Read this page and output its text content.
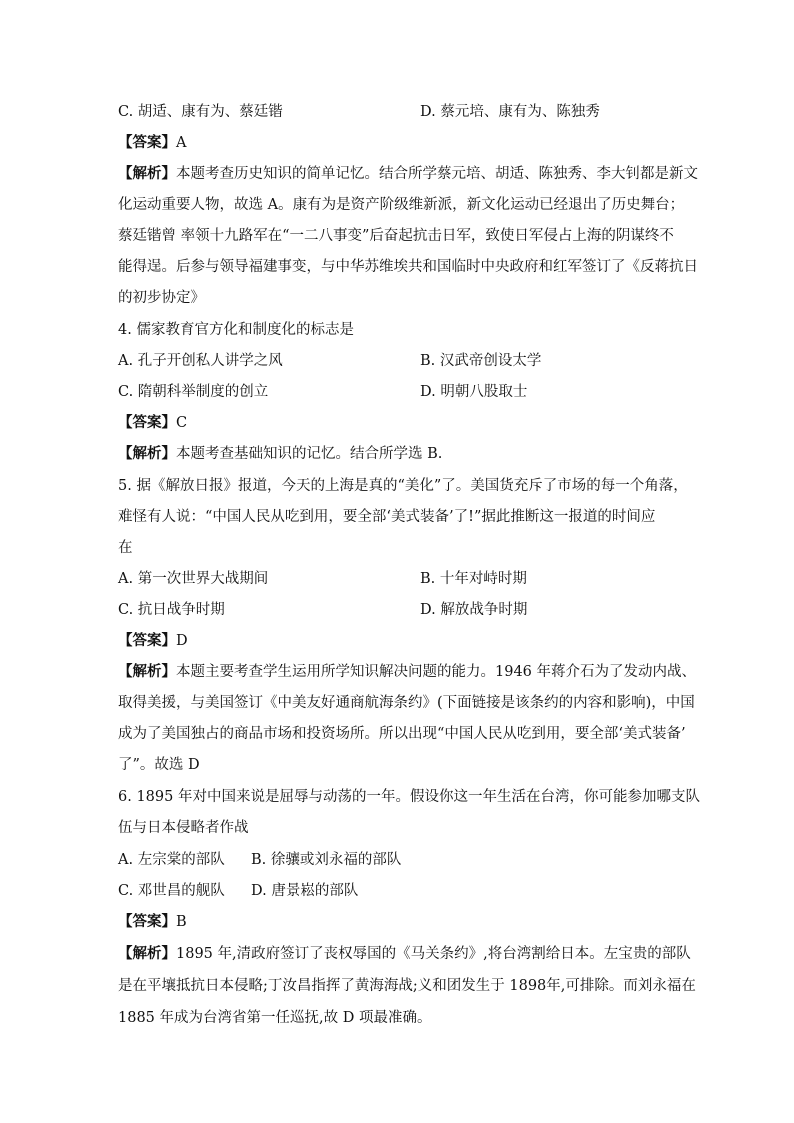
C. 胡适、康有为、蔡廷锴	D. 蔡元培、康有为、陈独秀
【答案】A
【解析】本题考查历史知识的简单记忆。结合所学蔡元培、胡适、陈独秀、李大钊都是新文
化运动重要人物，故选 A。康有为是资产阶级维新派，新文化运动已经退出了历史舞台；
蔡廷锴曾 率领十九路军在“一二八事变”后奋起抗击日军，致使日军侵占上海的阴谋终不
能得逞。后参与领导福建事变，与中华苏维埃共和国临时中央政府和红军签订了《反蒋抗日
的初步协定》
4. 儒家教育官方化和制度化的标志是
A. 孔子开创私人讲学之风	B. 汉武帝创设太学
C. 隋朝科举制度的创立	D. 明朝八股取士
【答案】C
【解析】本题考查基础知识的记忆。结合所学选 B.
5. 据《解放日报》报道，今天的上海是真的“美化”了。美国货充斥了市场的每一个角落，
难怪有人说：“中国人民从吃到用，要全部‘美式装备’了!”据此推断这一报道的时间应
在
A. 第一次世界大战期间	B. 十年对峙时期
C. 抗日战争时期	D. 解放战争时期
【答案】D
【解析】本题主要考查学生运用所学知识解决问题的能力。1946 年蒋介石为了发动内战、
取得美援，与美国签订《中美友好通商航海条约》(下面链接是该条约的内容和影响)，中国
成为了美国独占的商品市场和投资场所。所以出现“中国人民从吃到用，要全部‘美式装备’
了”。故选 D
6. 1895 年对中国来说是屈辱与动荡的一年。假设你这一年生活在台湾，你可能参加哪支队
伍与日本侵略者作战
A. 左宗棠的部队 B. 徐骧或刘永福的部队
C. 邓世昌的舰队 D. 唐景崧的部队
【答案】B
【解析】1895 年,清政府签订了丧权辱国的《马关条约》,将台湾割给日本。左宝贵的部队
是在平壤抵抗日本侵略;丁汝昌指挥了黄海海战;义和团发生于 1898年,可排除。而刘永福在
1885 年成为台湾省第一任巡抚,故 D 项最准确。
